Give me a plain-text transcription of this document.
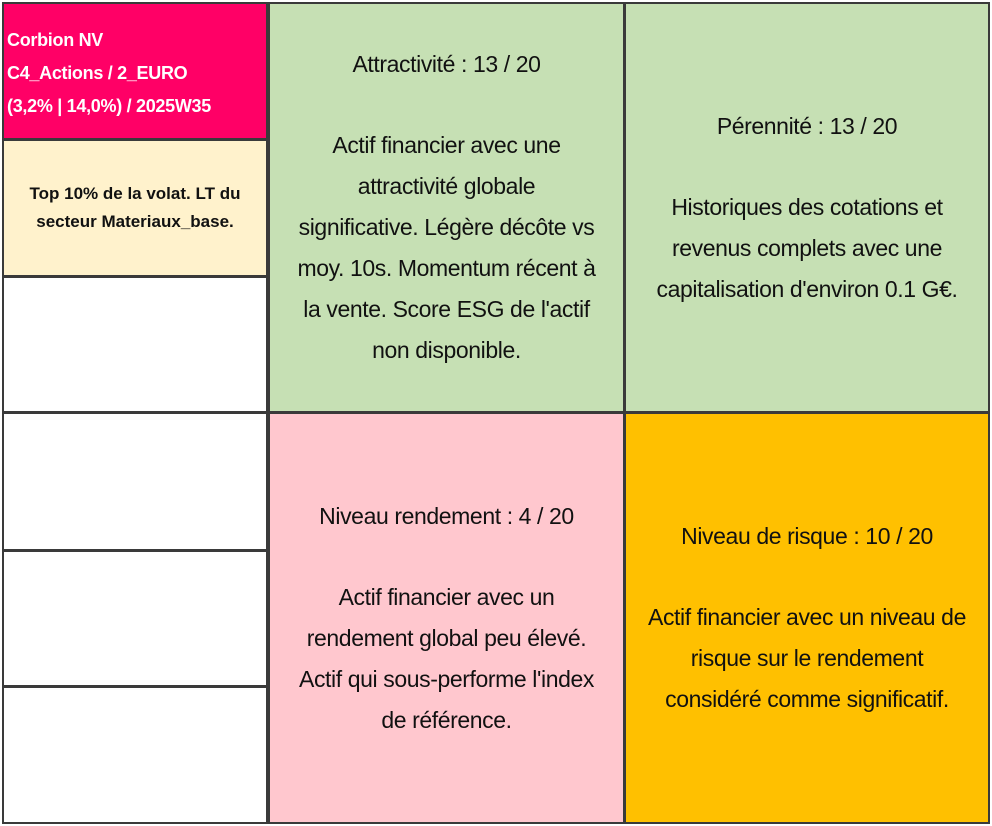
Corbion NV
C4_Actions / 2_EURO
(3,2% | 14,0%) / 2025W35
Top 10% de la volat. LT du
secteur Materiaux_base.

Attractivité : 13 / 20

Actif financier avec une

attractivité globale

significative. Légère décôte vs

moy. 10s. Momentum récent à

la vente. Score ESG de l'actif

non disponible.

Pérennité : 13 / 20

Historiques des cotations et

revenus complets avec une

capitalisation d'environ 0.1 G€.

Niveau rendement : 4 / 20

Actif financier avec un

rendement global peu élevé.

Actif qui sous-performe l'index

de référence.

Niveau de risque : 10 / 20

Actif financier avec un niveau de

risque sur le rendement

considéré comme significatif.
